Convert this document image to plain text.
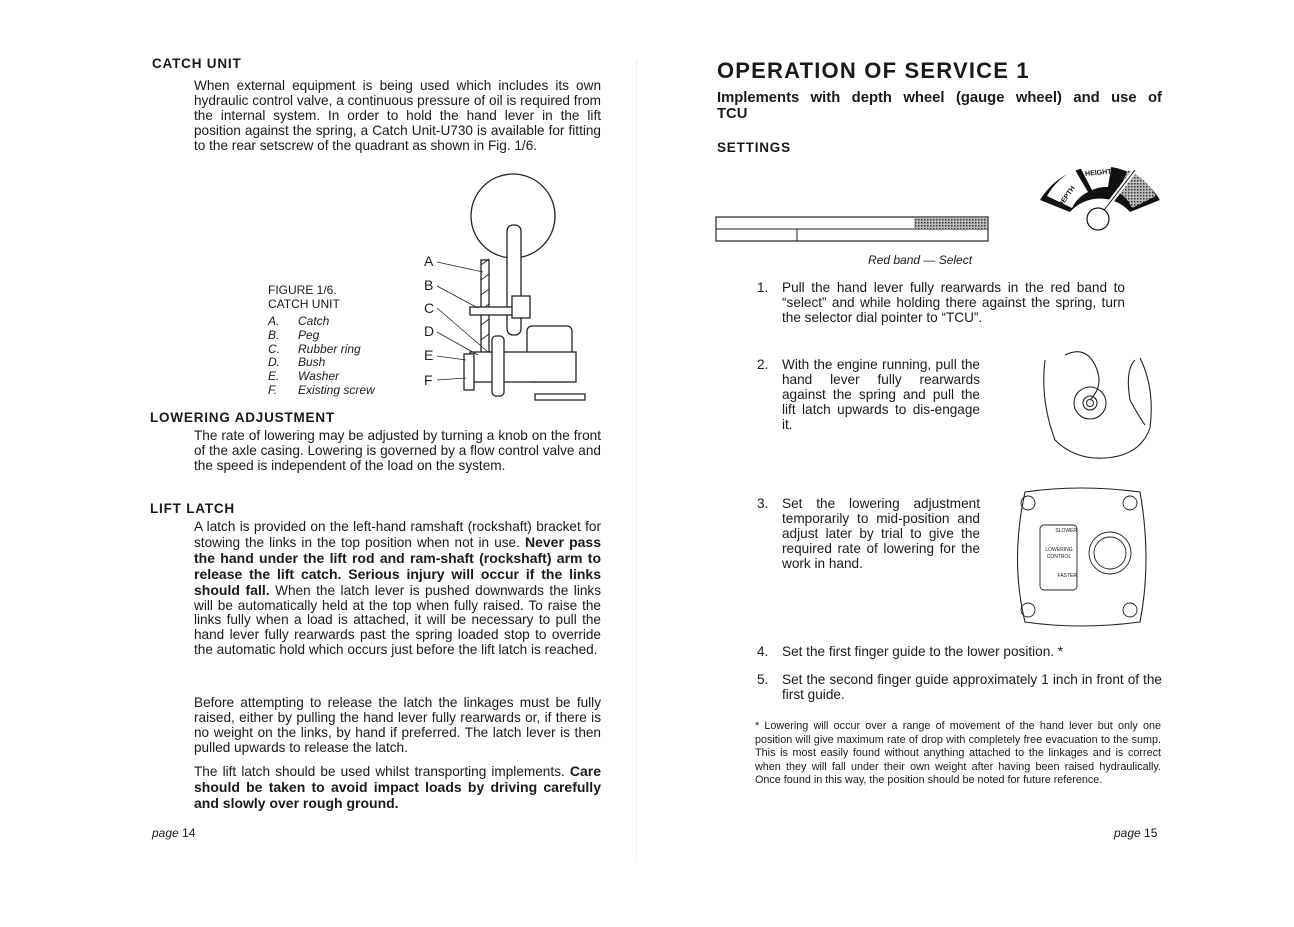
CATCH UNIT
When external equipment is being used which includes its own hydraulic control valve, a continuous pressure of oil is required from the internal system. In order to hold the hand lever in the lift position against the spring, a Catch Unit-U730 is available for fitting to the rear setscrew of the quadrant as shown in Fig. 1/6.
A
B
C
D
E
F
FIGURE 1/6.
CATCH UNIT
A. Catch
B. Peg
C. Rubber ring
D. Bush
E. Washer
F. Existing screw
LOWERING ADJUSTMENT
The rate of lowering may be adjusted by turning a knob on the front of the axle casing. Lowering is governed by a flow control valve and the speed is independent of the load on the system.
LIFT LATCH
A latch is provided on the left-hand ramshaft (rockshaft) bracket for stowing the links in the top position when not in use. Never pass the hand under the lift rod and ram-shaft (rockshaft) arm to release the lift catch. Serious injury will occur if the links should fall. When the latch lever is pushed downwards the links will be automatically held at the top when fully raised. To raise the links fully when a load is attached, it will be necessary to pull the hand lever fully rearwards past the spring loaded stop to override the automatic hold which occurs just before the lift latch is reached.
Before attempting to release the latch the linkages must be fully raised, either by pulling the hand lever fully rearwards or, if there is no weight on the links, by hand if preferred. The latch lever is then pulled upwards to release the latch.
The lift latch should be used whilst transporting implements. Care should be taken to avoid impact loads by driving carefully and slowly over rough ground.
page 14
OPERATION OF SERVICE 1
Implements with depth wheel (gauge wheel) and use of TCU
SETTINGS
Red band — Select
DEPTH
HEIGHT
1. Pull the hand lever fully rearwards in the red band to “select” and while holding there against the spring, turn the selector dial pointer to “TCU”.
2. With the engine running, pull the hand lever fully rearwards against the spring and pull the lift latch upwards to dis-engage it.
3. Set the lowering adjustment temporarily to mid-position and adjust later by trial to give the required rate of lowering for the work in hand.
SLOWER
LOWERING
CONTROL
FASTER
4. Set the first finger guide to the lower position. *
5. Set the second finger guide approximately 1 inch in front of the first guide.
* Lowering will occur over a range of movement of the hand lever but only one position will give maximum rate of drop with completely free evacuation to the sump. This is most easily found without anything attached to the linkages and is correct when they will fall under their own weight after having been raised hydraulically. Once found in this way, the position should be noted for future reference.
page 15
